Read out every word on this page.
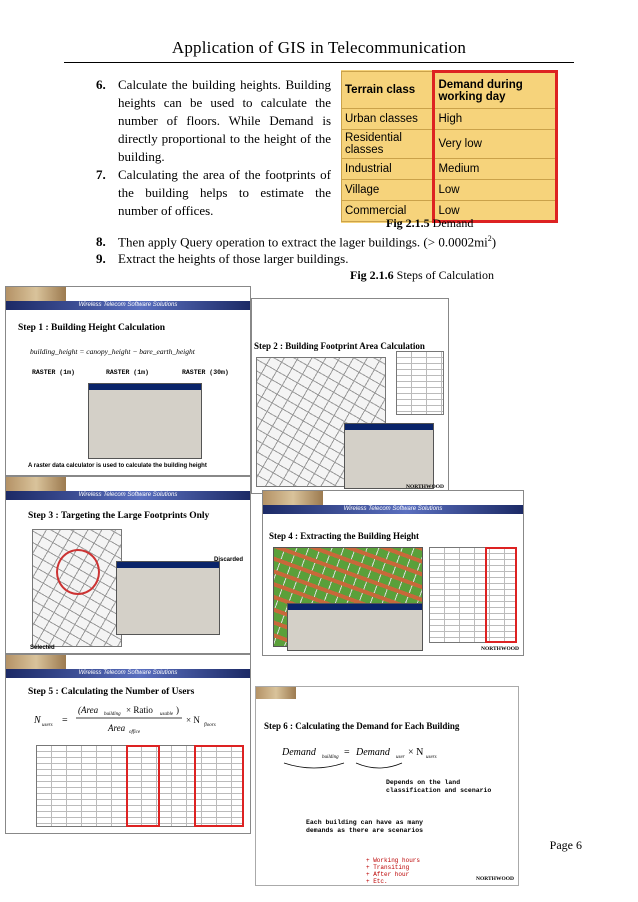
Application of GIS in Telecommunication
6. Calculate the building heights. Building heights can be used to calculate the number of floors. While Demand is directly proportional to the height of the building.
7. Calculating the area of the footprints of the building helps to estimate the number of offices.
Terrain class	Demand during working day
Urban classes	High
Residential classes	Very low
Industrial	Medium
Village	Low
Commercial	Low
Fig 2.1.5 Demand
8. Then apply Query operation to extract the lager buildings. (> $0.0002mi^2$)
9. Extract the heights of those larger buildings.
Fig 2.1.6 Steps of Calculation
Wireless Telecom Software Solutions
Step 1 : Building Height Calculation
building_height = canopy_height − bare_earth_height
RASTER (1m)	RASTER (1m)	RASTER (30m)
A raster data calculator is used to calculate the building height
Step 2 : Building Footprint Area Calculation
NORTHWOOD
Wireless Telecom Software Solutions
Step 3 : Targeting the Large Footprints Only
Discarded
Selected
Wireless Telecom Software Solutions
Step 4 : Extracting the Building Height
NORTHWOOD
Wireless Telecom Software Solutions
Step 5 : Calculating the Number of Users
N users =
(Area building × Ratio usable )
Area office
× N
floors	Step 6 : Calculating the Demand for Each Building
Demand building = Demand user × N users
Depends on the land classification and scenario
Each building can have as many demands as there are scenarios
+ Working hours
+ Transiting
+ After hour
+ Etc.	NORTHWOOD
Page 6
